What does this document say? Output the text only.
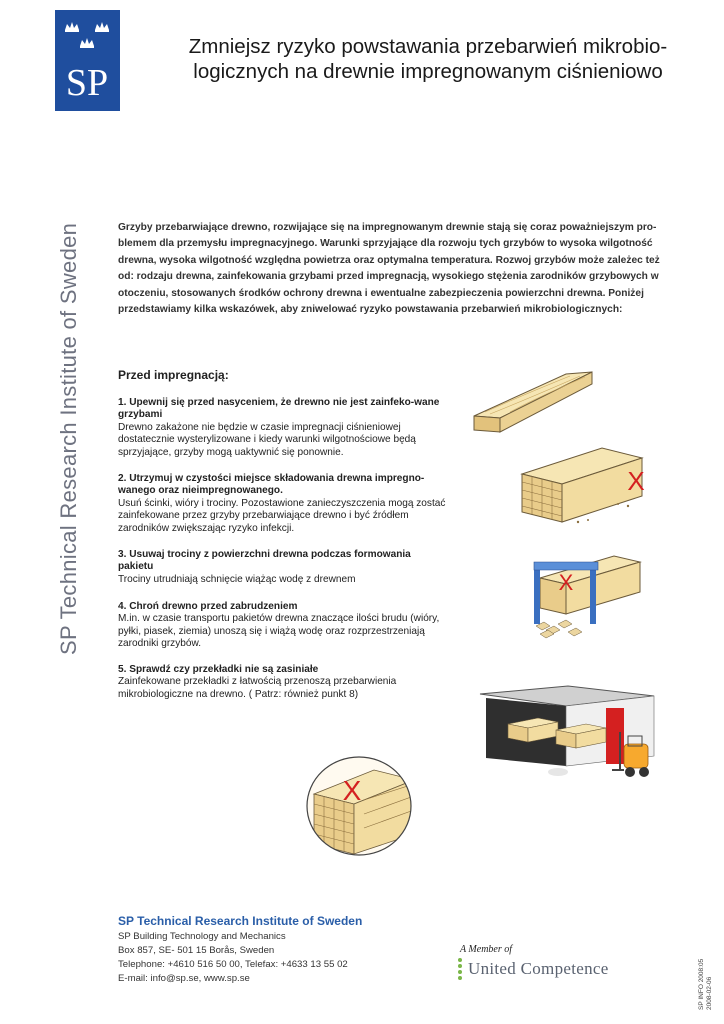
SP
Zmniejsz ryzyko powstawania przebarwień mikrobio-
logicznych na drewnie impregnowanym ciśnieniowo
SP Technical Research Institute of Sweden	Grzyby przebarwiające drewno, rozwijające się na impregnowanym drewnie stają się coraz poważniejszym pro-blemem dla przemysłu impregnacyjnego. Warunki sprzyjające dla rozwoju tych grzybów to wysoka wilgotność drewna, wysoka wilgotność względna powietrza oraz optymalna temperatura. Rozwoj grzybów może zależec też od: rodzaju drewna, zainfekowania grzybami przed impregnacją, wysokiego stężenia zarodników grzybowych w otoczeniu, stosowanych środków ochrony drewna i ewentualne zabezpieczenia powierzchni drewna. Poniżej przedstawiamy kilka wskazówek, aby zniwelować ryzyko powstawania przebarwień mikrobiologicznych:

Przed impregnacją:
1. Upewnij się przed nasyceniem, że drewno nie jest zainfeko-wane grzybami
Drewno zakażone nie będzie w czasie impregnacji ciśnieniowej dostatecznie wysterylizowane i kiedy warunki wilgotnościowe będą sprzyjające, grzyby mogą uaktywnić się ponownie.
2. Utrzymuj w czystości miejsce składowania drewna impregno-wanego oraz nieimpregnowanego.
Usuń ścinki, wióry i trociny. Pozostawione zanieczyszczenia mogą zostać zainfekowane przez grzyby przebarwiające drewno i być źródłem zarodników zwiększając ryzyko infekcji.
3. Usuwaj trociny z powierzchni drewna podczas formowania pakietu
Trociny utrudniają schnięcie wiążąc wodę z drewnem
4. Chroń drewno przed zabrudzeniem
M.in. w czasie transportu pakietów drewna znaczące ilości brudu (wióry, pyłki, piasek, ziemia) unoszą się i wiążą wodę oraz rozprzestrzeniają zarodniki grzybów.
5. Sprawdź czy przekładki nie są zasiniałe
Zainfekowane przekładki z łatwością przenoszą przebarwienia mikrobiologiczne na drewno. ( Patrz: również punkt 8)
X
X
X
SP Technical Research Institute of Sweden
SP Building Technology and Mechanics
Box 857, SE- 501 15 Borås, Sweden
Telephone: +4610 516 50 00, Telefax: +4633 13 55 02
E-mail: info@sp.se, www.sp.se
A Member of
United Competence	SP INFO 2008:05 2008-02-06
